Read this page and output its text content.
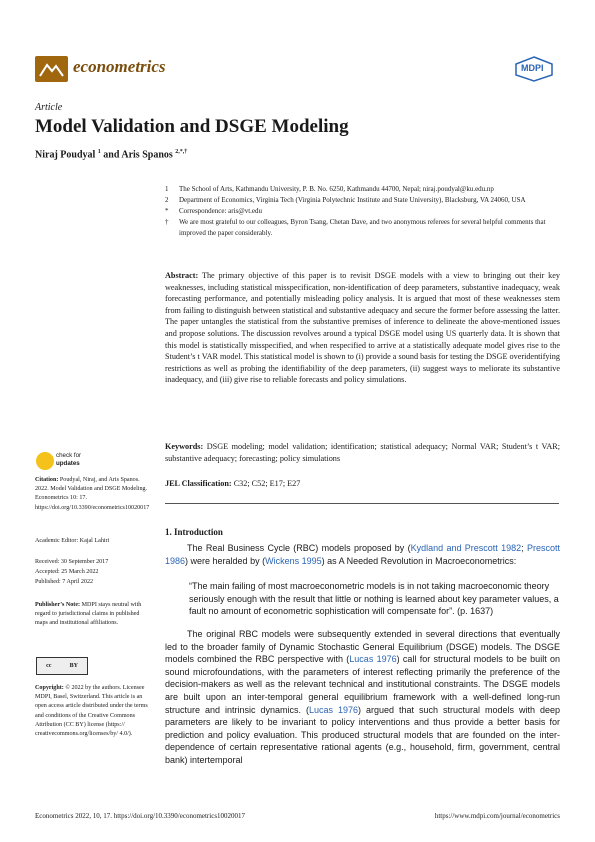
econometrics	MDPI
Article
Model Validation and DSGE Modeling
Niraj Poudyal $^1$ and Aris Spanos $^{2,*,\dagger}$
1	The School of Arts, Kathmandu University, P. B. No. 6250, Kathmandu 44700, Nepal; niraj.poudyal@ku.edu.np
2	Department of Economics, Virginia Tech (Virginia Polytechnic Institute and State University), Blacksburg, VA 24060, USA
*	Correspondence: aris@vt.edu
†	We are most grateful to our colleagues, Byron Tsang, Chetan Dave, and two anonymous referees for several helpful comments that improved the paper considerably.
Abstract: The primary objective of this paper is to revisit DSGE models with a view to bringing out their key weaknesses, including statistical misspecification, non-identification of deep parameters, substantive inadequacy, weak forecasting performance, and potentially misleading policy analysis. It is argued that most of these weaknesses stem from failing to distinguish between statistical and substantive adequacy and secure the former before assessing the latter. The paper untangles the statistical from the substantive premises of inference to delineate the above-mentioned issues and propose solutions. The discussion revolves around a typical DSGE model using US quarterly data. It is shown that this model is statistically misspecified, and when respecified to arrive at a statistically adequate model gives rise to the Student’s t VAR model. This statistical model is shown to (i) provide a sound basis for testing the DSGE overidentifying restrictions as well as probing the identifiability of the deep parameters, (ii) suggest ways to meliorate its substantive inadequacy, and (iii) give rise to reliable forecasts and policy simulations.
Keywords: DSGE modeling; model validation; identification; statistical adequacy; Normal VAR; Student’s t VAR; substantive adequacy; forecasting; policy simulations
JEL Classification: C32; C52; E17; E27
check for
updates
Citation: Poudyal, Niraj, and Aris Spanos. 2022. Model Validation and DSGE Modeling. Econometrics 10: 17. https://doi.org/10.3390/econometrics10020017
Academic Editor: Kajal Lahiri
Received: 30 September 2017
Accepted: 25 March 2022
Published: 7 April 2022
Publisher’s Note: MDPI stays neutral with regard to jurisdictional claims in published maps and institutional affiliations.
cc	BY
Copyright: © 2022 by the authors. Licensee MDPI, Basel, Switzerland. This article is an open access article distributed under the terms and conditions of the Creative Commons Attribution (CC BY) license (https:// creativecommons.org/licenses/by/ 4.0/).
1. Introduction
The Real Business Cycle (RBC) models proposed by (Kydland and Prescott 1982; Prescott 1986) were heralded by (Wickens 1995) as A Needed Revolution in Macroeconometrics:
“The main failing of most macroeconometric models is in not taking macroeconomic theory seriously enough with the result that little or nothing is learned about key parameter values, a fault no amount of econometric sophistication will compensate for”. (p. 1637)
The original RBC models were subsequently extended in several directions that eventually led to the broader family of Dynamic Stochastic General Equilibrium (DSGE) models. The DSGE models combined the RBC perspective with (Lucas 1976) call for structural models to be built on sound microfoundations, with the parameters of interest reflecting primarily the preference of the decision-makers as well as the relevant technical and institutional constraints. The DSGE models are built upon an inter-temporal general equilibrium framework with a well-defined long-run structure and intrinsic dynamics. (Lucas 1976) argued that such structural models with deep parameters are likely to be invariant to policy interventions and thus provide a better basis for prediction and policy evaluation. This produced structural models that are founded on the inter-dependence of certain representative rational agents (e.g., household, firm, government, central bank) intertemporal
Econometrics 2022, 10, 17. https://doi.org/10.3390/econometrics10020017	https://www.mdpi.com/journal/econometrics
